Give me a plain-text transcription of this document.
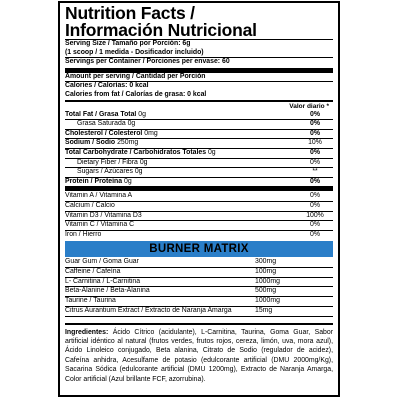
Nutrition Facts /
Información Nutricional
Serving Size / Tamaño por Porción: 6g
(1 scoop / 1 medida - Dosificador incluido)
Servings per Container / Porciones per envase: 60
Amount per serving / Cantidad per Porción
Calories / Calorías: 0 kcal
Calories from fat / Calorías de grasa: 0 kcal
Valor diario *
Total Fat / Grasa Total 0g	0%
Grasa Saturada 0g	0%
Cholesterol / Colesterol 0mg	0%
Sodium / Sodio 250mg	10%
Total Carbohydrate / Carbohidratos Totales 0g	0%
Dietary Fiber / Fibra 0g	0%
Sugars / Azúcares 0g	**
Protein / Proteína 0g	0%
Vitamin A / Vitamina A	0%
Calcium / Calcio	0%
Vitamin D3 / Vitamina D3	100%
Vitamin C / Vitamina C	0%
Iron / Hierro	0%
BURNER MATRIX
Guar Gum / Goma Guar	300mg
Caffeine / Cafeína	100mg
L- Carnitina / L-Carnitina	1000mg
Beta-Alanine / Beta-Alanina	500mg
Taurine / Taurina	1000mg
Citrus Aurantium Extract / Extracto de Naranja Amarga	15mg
Ingredientes: Ácido Cítrico (acidulante), L-Carnitina, Taurina, Goma Guar, Sabor artificial idéntico al natural (frutos verdes, frutos rojos, cereza, limón, uva, mora azul), Ácido Linoleico conjugado, Beta alanina, Citrato de Sodio (regulador de acidez), Cafeína anhidra, Acesulfame de potasio (edulcorante artificial (DMU 2000mg/Kg), Sacarina Sódica (edulcorante artificial (DMU 1200mg), Extracto de Naranja Amarga, Color artificial (Azul brillante FCF, azorrubina).
